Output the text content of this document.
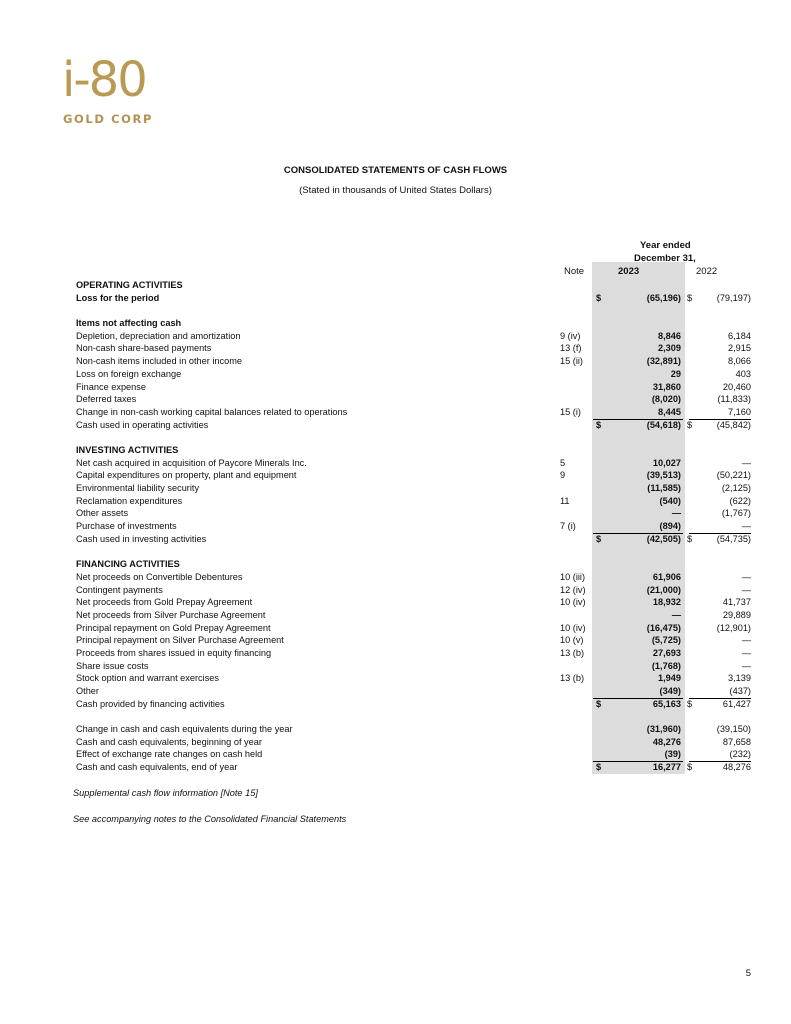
i-80
GOLD CORP
CONSOLIDATED STATEMENTS OF CASH FLOWS
(Stated in thousands of United States Dollars)
Year ended
December 31,
Note	2023	2022
OPERATING ACTIVITIES
Loss for the period	$	(65,196) $	(79,197)
Items not affecting cash
Depletion, depreciation and amortization	9 (iv)	8,846	6,184
Non-cash share-based payments	13 (f)	2,309	2,915
Non-cash items included in other income	15 (ii)	(32,891)	8,066
Loss on foreign exchange	29	403
Finance expense	31,860	20,460
Deferred taxes	(8,020)	(11,833)
Change in non-cash working capital balances related to operations	15 (i)	8,445	7,160
Cash used in operating activities	$	(54,618) $	(45,842)
INVESTING ACTIVITIES
Net cash acquired in acquisition of Paycore Minerals Inc.	5	10,027	—
Capital expenditures on property, plant and equipment	9	(39,513)	(50,221)
Environmental liability security	(11,585)	(2,125)
Reclamation expenditures	11	(540)	(622)
Other assets	—	(1,767)
Purchase of investments	7 (i)	(894)	—
Cash used in investing activities	$	(42,505) $	(54,735)
FINANCING ACTIVITIES
Net proceeds on Convertible Debentures	10 (iii)	61,906	—
Contingent payments	12 (iv)	(21,000)	—
Net proceeds from Gold Prepay Agreement	10 (iv)	18,932	41,737
Net proceeds from Silver Purchase Agreement	—	29,889
Principal repayment on Gold Prepay Agreement	10 (iv)	(16,475)	(12,901)
Principal repayment on Silver Purchase Agreement	10 (v)	(5,725)	—
Proceeds from shares issued in equity financing	13 (b)	27,693	—
Share issue costs	(1,768)	—
Stock option and warrant exercises	13 (b)	1,949	3,139
Other	(349)	(437)
Cash provided by financing activities	$	65,163 $	61,427
Change in cash and cash equivalents during the year	(31,960)	(39,150)
Cash and cash equivalents, beginning of year	48,276	87,658
Effect of exchange rate changes on cash held	(39)	(232)
Cash and cash equivalents, end of year	$	16,277 $	48,276
Supplemental cash flow information [Note 15]
See accompanying notes to the Consolidated Financial Statements
5
